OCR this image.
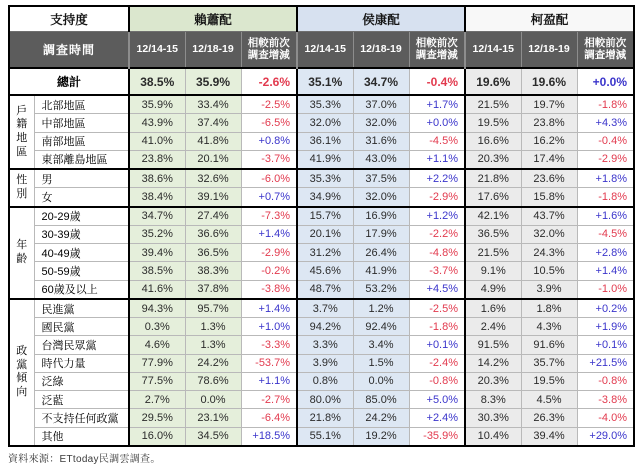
支持度		賴蕭配			侯康配			柯盈配		
調查時間		12/14-15	12/18-19	相較前次調查增減	12/14-15	12/18-19	相較前次調查增減	12/14-15	12/18-19	相較前次調查增減
總計		38.5%	35.9%	-2.6%	35.1%	34.7%	-0.4%	19.6%	19.6%	+0.0%
戶籍地區	北部地區	35.9%	33.4%	-2.5%	35.3%	37.0%	+1.7%	21.5%	19.7%	-1.8%
	中部地區	43.9%	37.4%	-6.5%	32.0%	32.0%	+0.0%	19.5%	23.8%	+4.3%
	南部地區	41.0%	41.8%	+0.8%	36.1%	31.6%	-4.5%	16.6%	16.2%	-0.4%
	東部離島地區	23.8%	20.1%	-3.7%	41.9%	43.0%	+1.1%	20.3%	17.4%	-2.9%
性別	男	38.6%	32.6%	-6.0%	35.3%	37.5%	+2.2%	21.8%	23.6%	+1.8%
	女	38.4%	39.1%	+0.7%	34.9%	32.0%	-2.9%	17.6%	15.8%	-1.8%
年齡	20-29歲	34.7%	27.4%	-7.3%	15.7%	16.9%	+1.2%	42.1%	43.7%	+1.6%
	30-39歲	35.2%	36.6%	+1.4%	20.1%	17.9%	-2.2%	36.5%	32.0%	-4.5%
	40-49歲	39.4%	36.5%	-2.9%	31.2%	26.4%	-4.8%	21.5%	24.3%	+2.8%
	50-59歲	38.5%	38.3%	-0.2%	45.6%	41.9%	-3.7%	9.1%	10.5%	+1.4%
	60歲及以上	41.6%	37.8%	-3.8%	48.7%	53.2%	+4.5%	4.9%	3.9%	-1.0%
政黨傾向	民進黨	94.3%	95.7%	+1.4%	3.7%	1.2%	-2.5%	1.6%	1.8%	+0.2%
	國民黨	0.3%	1.3%	+1.0%	94.2%	92.4%	-1.8%	2.4%	4.3%	+1.9%
	台灣民眾黨	4.6%	1.3%	-3.3%	3.3%	3.4%	+0.1%	91.5%	91.6%	+0.1%
	時代力量	77.9%	24.2%	-53.7%	3.9%	1.5%	-2.4%	14.2%	35.7%	+21.5%
	泛綠	77.5%	78.6%	+1.1%	0.8%	0.0%	-0.8%	20.3%	19.5%	-0.8%
	泛藍	2.7%	0.0%	-2.7%	80.0%	85.0%	+5.0%	8.3%	4.5%	-3.8%
	不支持任何政黨	29.5%	23.1%	-6.4%	21.8%	24.2%	+2.4%	30.3%	26.3%	-4.0%
	其他	16.0%	34.5%	+18.5%	55.1%	19.2%	-35.9%	10.4%	39.4%	+29.0%
資料來源：ETtoday民調雲調查。
